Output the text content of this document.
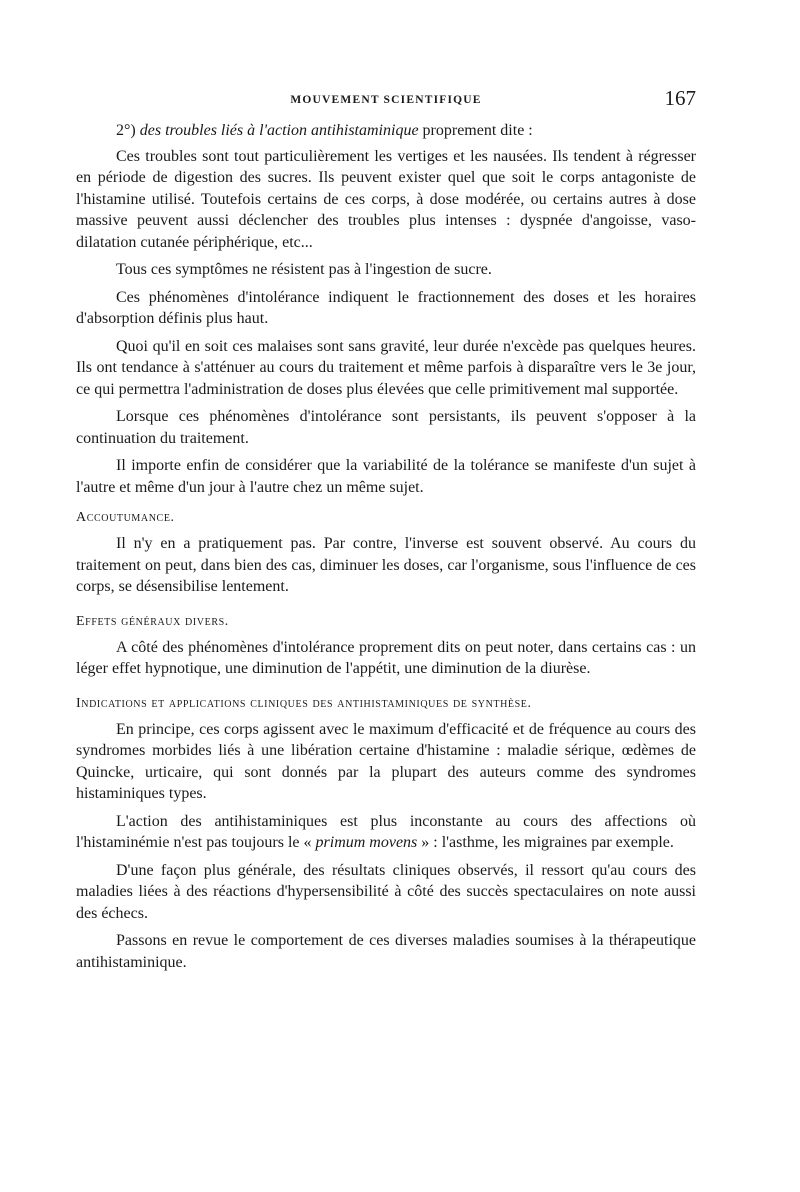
MOUVEMENT SCIENTIFIQUE	167

2°) des troubles liés à l'action antihistaminique proprement dite :

Ces troubles sont tout particulièrement les vertiges et les nausées. Ils tendent à régresser en période de digestion des sucres. Ils peuvent exister quel que soit le corps antagoniste de l'histamine utilisé. Toutefois certains de ces corps, à dose modérée, ou certains autres à dose massive peuvent aussi déclencher des troubles plus intenses : dyspnée d'angoisse, vaso-dilatation cutanée périphérique, etc...

Tous ces symptômes ne résistent pas à l'ingestion de sucre.

Ces phénomènes d'intolérance indiquent le fractionnement des doses et les horaires d'absorption définis plus haut.

Quoi qu'il en soit ces malaises sont sans gravité, leur durée n'excède pas quelques heures. Ils ont tendance à s'atténuer au cours du traitement et même parfois à disparaître vers le 3e jour, ce qui permettra l'administration de doses plus élevées que celle primitivement mal supportée.

Lorsque ces phénomènes d'intolérance sont persistants, ils peuvent s'opposer à la continuation du traitement.

Il importe enfin de considérer que la variabilité de la tolérance se manifeste d'un sujet à l'autre et même d'un jour à l'autre chez un même sujet.

Accoutumance.

Il n'y en a pratiquement pas. Par contre, l'inverse est souvent observé. Au cours du traitement on peut, dans bien des cas, diminuer les doses, car l'organisme, sous l'influence de ces corps, se désensibilise lentement.

Effets généraux divers.

A côté des phénomènes d'intolérance proprement dits on peut noter, dans certains cas : un léger effet hypnotique, une diminution de l'appétit, une diminution de la diurèse.

Indications et applications cliniques des antihistaminiques de synthèse.

En principe, ces corps agissent avec le maximum d'efficacité et de fréquence au cours des syndromes morbides liés à une libération certaine d'histamine : maladie sérique, œdèmes de Quincke, urticaire, qui sont donnés par la plupart des auteurs comme des syndromes histaminiques types.

L'action des antihistaminiques est plus inconstante au cours des affections où l'histaminémie n'est pas toujours le « primum movens » : l'asthme, les migraines par exemple.

D'une façon plus générale, des résultats cliniques observés, il ressort qu'au cours des maladies liées à des réactions d'hypersensibilité à côté des succès spectaculaires on note aussi des échecs.

Passons en revue le comportement de ces diverses maladies soumises à la thérapeutique antihistaminique.
